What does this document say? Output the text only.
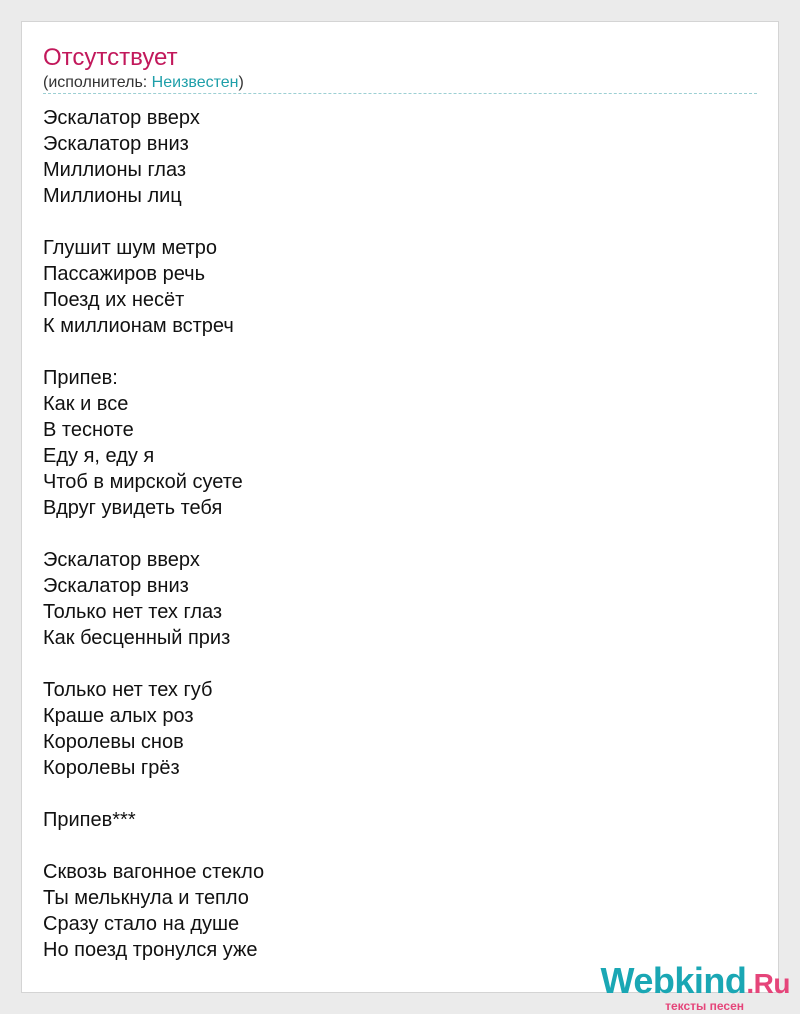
Отсутствует
(исполнитель: Неизвестен)
Эскалатор вверх
Эскалатор вниз
Миллионы глаз
Миллионы лиц
Глушит шум метро
Пассажиров речь
Поезд их несёт
К миллионам встреч
Припев:
Как и все
В тесноте
Еду я, еду я
Чтоб в мирской суете
Вдруг увидеть тебя
Эскалатор вверх
Эскалатор вниз
Только нет тех глаз
Как бесценный приз
Только нет тех губ
Краше алых роз
Королевы снов
Королевы грёз
Припев***
Сквозь вагонное стекло
Ты мелькнула и тепло
Сразу стало на душе
Но поезд тронулся уже
Webkind.Ru
тексты песен
